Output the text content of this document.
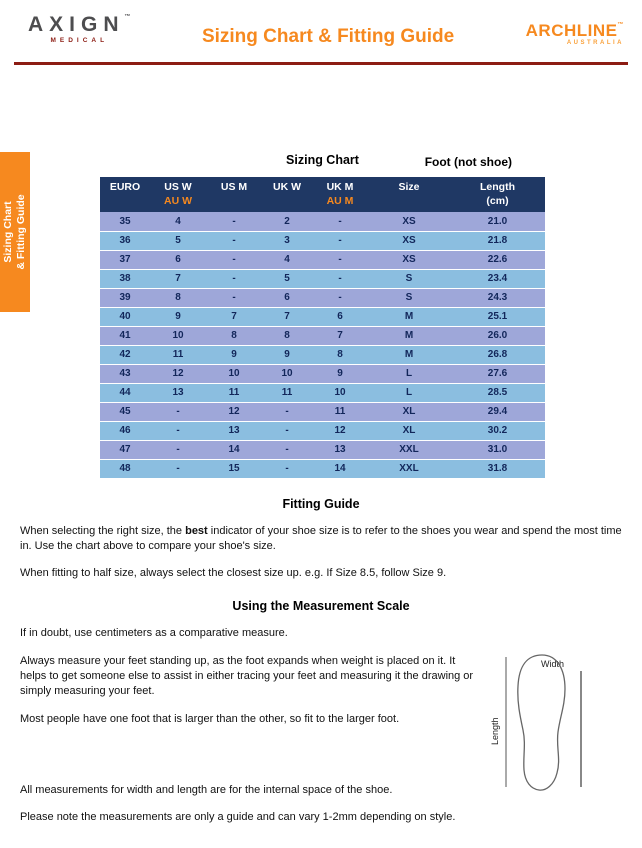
AXIGN™
MEDICAL	Sizing Chart & Fitting Guide	ARCHLINE™
AUSTRALIA
Sizing Chart & Fitting Guide
Sizing Chart	Foot (not shoe)
EURO	US W
AU W	US M	UK W	UK M
AU M	Size	Length
(cm)

35	4	-	2	-	XS	21.0
36	5	-	3	-	XS	21.8
37	6	-	4	-	XS	22.6
38	7	-	5	-	S	23.4
39	8	-	6	-	S	24.3
40	9	7	7	6	M	25.1
41	10	8	8	7	M	26.0
42	11	9	9	8	M	26.8
43	12	10	10	9	L	27.6
44	13	11	11	10	L	28.5
45	-	12	-	11	XL	29.4
46	-	13	-	12	XL	30.2
47	-	14	-	13	XXL	31.0
48	-	15	-	14	XXL	31.8
Fitting Guide

When selecting the right size, the best indicator of your shoe size is to refer to the shoes you wear and spend the most time in. Use the chart above to compare your shoe's size.

When fitting to half size, always select the closest size up. e.g. If Size 8.5, follow Size 9.

Using the Measurement Scale

If in doubt, use centimeters as a comparative measure.

Length
Width

Always measure your feet standing up, as the foot expands when weight is placed on it. It helps to get someone else to assist in either tracing your feet and measuring it the drawing or simply measuring your feet.

Most people have one foot that is larger than the other, so fit to the larger foot.

All measurements for width and length are for the internal space of the shoe.

Please note the measurements are only a guide and can vary 1-2mm depending on style.
